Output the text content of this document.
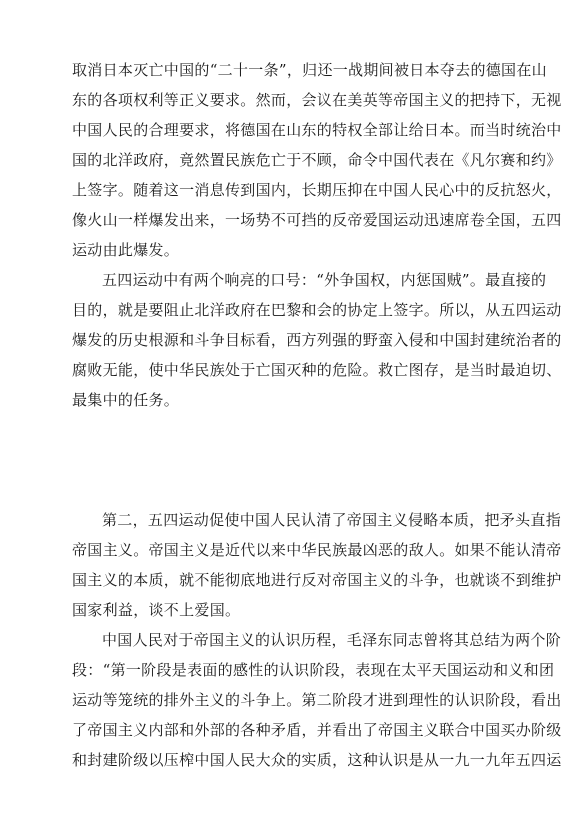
取消日本灭亡中国的“二十一条”，归还一战期间被日本夺去的德国在山
东的各项权利等正义要求。然而，会议在美英等帝国主义的把持下，无视
中国人民的合理要求，将德国在山东的特权全部让给日本。而当时统治中
国的北洋政府，竟然置民族危亡于不顾，命令中国代表在《凡尔赛和约》
上签字。随着这一消息传到国内，长期压抑在中国人民心中的反抗怒火，
像火山一样爆发出来，一场势不可挡的反帝爱国运动迅速席卷全国，五四
运动由此爆发。
五四运动中有两个响亮的口号：“外争国权，内惩国贼”。最直接的
目的，就是要阻止北洋政府在巴黎和会的协定上签字。所以，从五四运动
爆发的历史根源和斗争目标看，西方列强的野蛮入侵和中国封建统治者的
腐败无能，使中华民族处于亡国灭种的危险。救亡图存，是当时最迫切、
最集中的任务。
第二，五四运动促使中国人民认清了帝国主义侵略本质，把矛头直指
帝国主义。帝国主义是近代以来中华民族最凶恶的敌人。如果不能认清帝
国主义的本质，就不能彻底地进行反对帝国主义的斗争，也就谈不到维护
国家利益，谈不上爱国。
中国人民对于帝国主义的认识历程，毛泽东同志曾将其总结为两个阶
段：“第一阶段是表面的感性的认识阶段，表现在太平天国运动和义和团
运动等笼统的排外主义的斗争上。第二阶段才进到理性的认识阶段，看出
了帝国主义内部和外部的各种矛盾，并看出了帝国主义联合中国买办阶级
和封建阶级以压榨中国人民大众的实质，这种认识是从一九一九年五四运
